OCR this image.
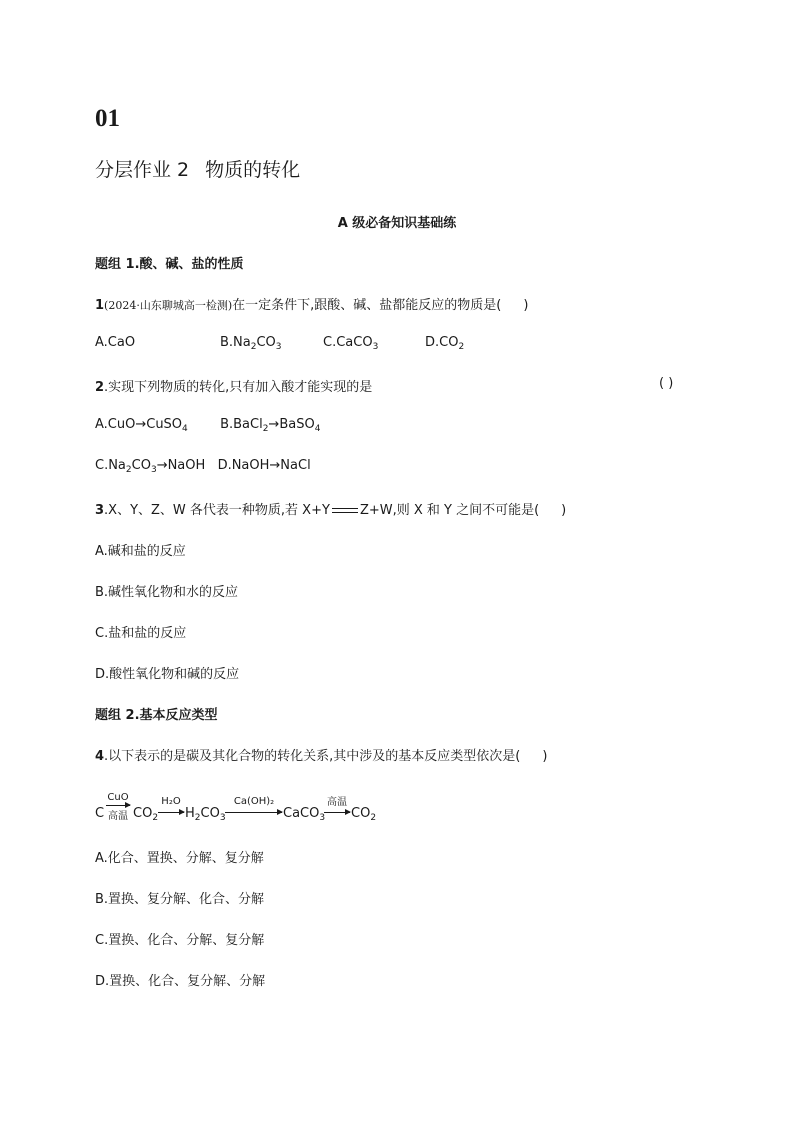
01
分层作业 2 物质的转化
A 级必备知识基础练
题组 1.酸、碱、盐的性质
1(2024·山东聊城高一检测)在一定条件下,跟酸、碱、盐都能反应的物质是( )
A.CaO	$B.Na_2CO_3$	C.CaCO$_3$	$D.CO_2$
2.实现下列物质的转化,只有加入酸才能实现的是	( )
A.CuO→CuSO$_4$ B.BaCl$_2$→BaSO$_4$
$C.Na_2CO_3\to NaOH$ D.NaOH→NaCl
3.X、Y、Z、W 各代表一种物质,若 X+Y Z+W,则 X 和 Y 之间不可能是( )
A.碱和盐的反应
B.碱性氧化物和水的反应
C.盐和盐的反应
D.酸性氧化物和碱的反应
题组 2.基本反应类型
4.以下表示的是碳及其化合物的转化关系,其中涉及的基本反应类型依次是( )
C
CuO
高温 $CO_2$
H₂O
$H_2CO_3$
Ca(OH)₂
CaCO$_3$
高温
$CO_2$
A.化合、置换、分解、复分解
B.置换、复分解、化合、分解
C.置换、化合、分解、复分解
D.置换、化合、复分解、分解
